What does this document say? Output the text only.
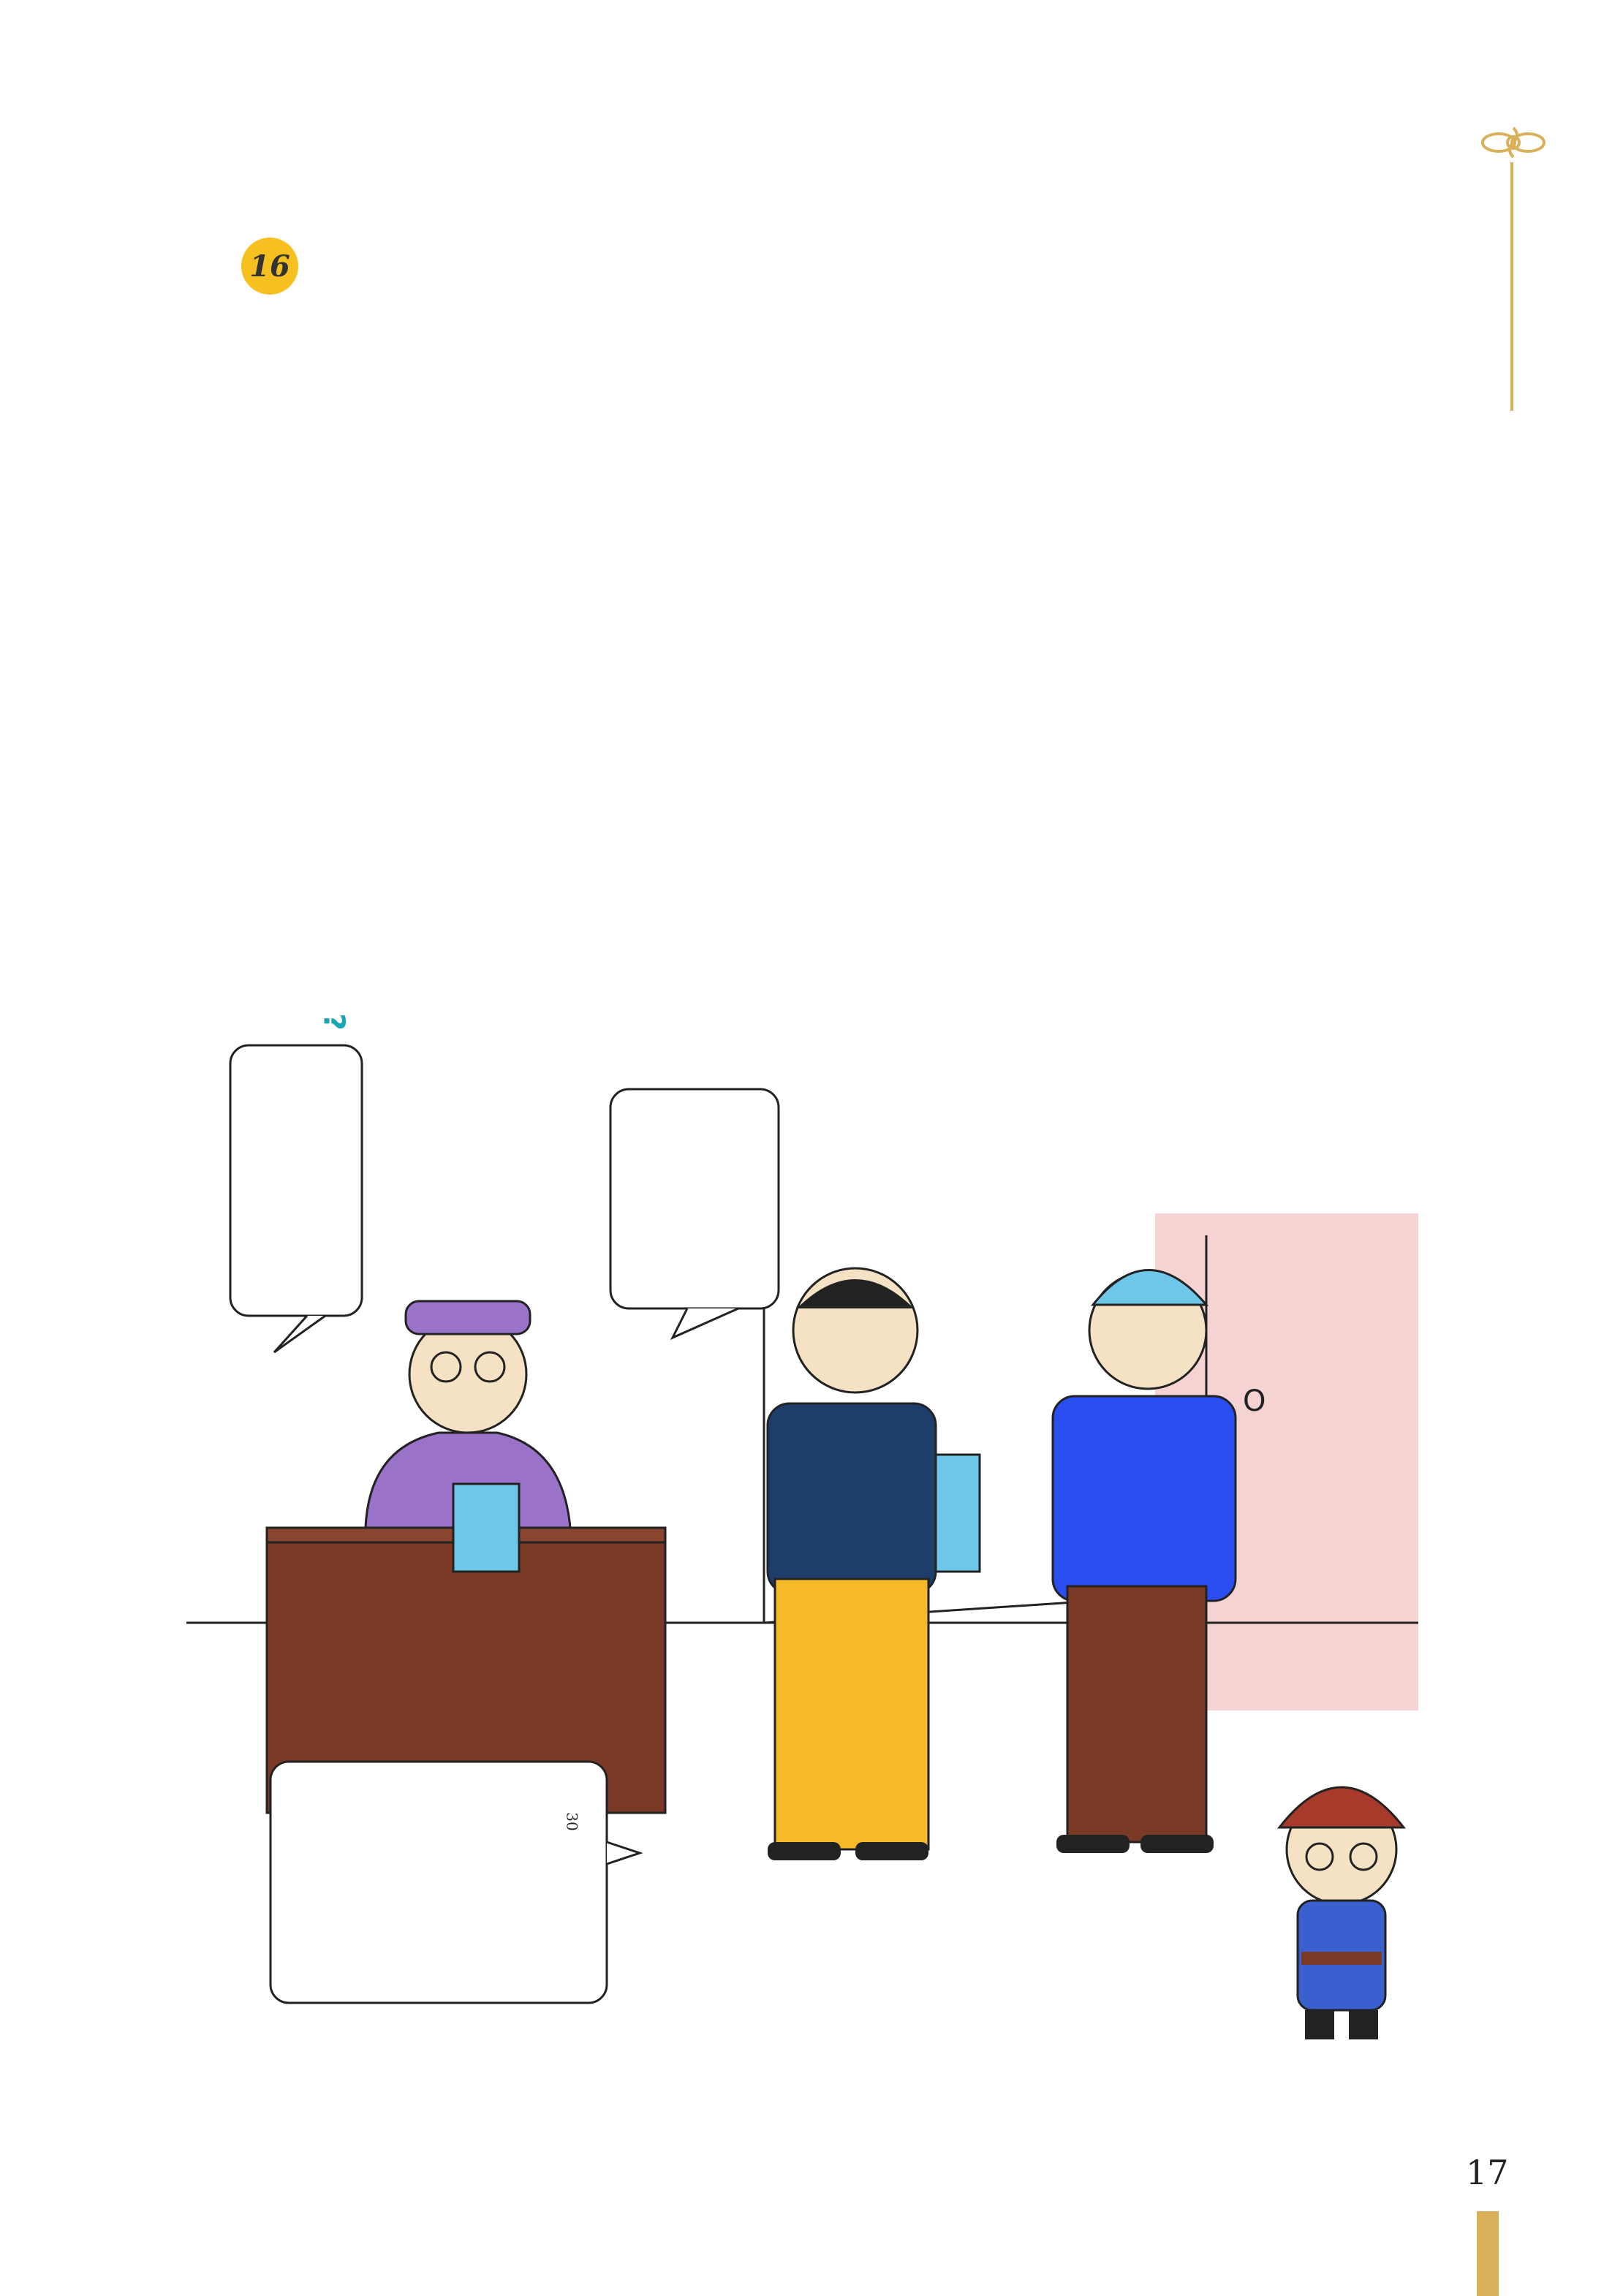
16
?
O
30
17
